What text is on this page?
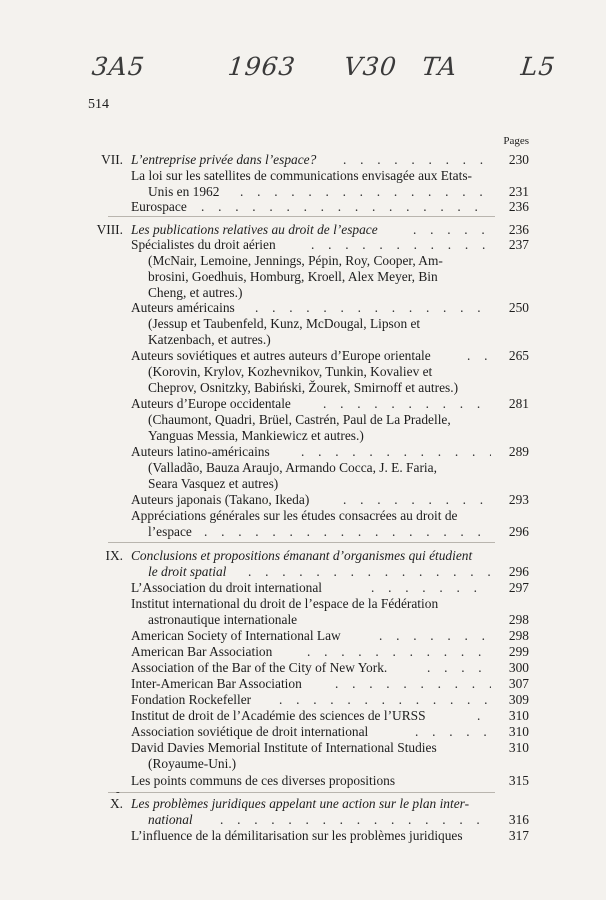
3A5	1963 V30 TA L5
514
Pages
VII. L’entreprise privée dans l’espace? . . .	230
La loi sur les satellites de communications envisagée aux Etats-
Unis en 1962 . . .	231
Eurospace . . .	236
VIII. Les publications relatives au droit de l’espace . . .	236
Spécialistes du droit aérien . . .	237
(McNair, Lemoine, Jennings, Pépin, Roy, Cooper, Am-
brosini, Goedhuis, Homburg, Kroell, Alex Meyer, Bin
Cheng, et autres.)
Auteurs américains . . .	250
(Jessup et Taubenfeld, Kunz, McDougal, Lipson et
Katzenbach, et autres.)
Auteurs soviétiques et autres auteurs d’Europe orientale . . .	265
(Korovin, Krylov, Kozhevnikov, Tunkin, Kovaliev et
Cheprov, Osnitzky, Babiński, Žourek, Smirnoff et autres.)
Auteurs d’Europe occidentale . . .	281
(Chaumont, Quadri, Brüel, Castrén, Paul de La Pradelle,
Yanguas Messia, Mankiewicz et autres.)
Auteurs latino-américains . . .	289
(Valladão, Bauza Araujo, Armando Cocca, J. E. Faria,
Seara Vasquez et autres)
Auteurs japonais (Takano, Ikeda) . . .	293
Appréciations générales sur les études consacrées au droit de
l’espace . . .	296
IX. Conclusions et propositions émanant d’organismes qui étudient
le droit spatial . . .	296
L’Association du droit international . . .	297
Institut international du droit de l’espace de la Fédération
astronautique internationale	298
American Society of International Law . . .	298
American Bar Association . . .	299
Association of the Bar of the City of New York. . . .	300
Inter-American Bar Association . . .	307
Fondation Rockefeller . . .	309
Institut de droit de l’Académie des sciences de l’URSS . . .	310
Association soviétique de droit international . . .	310
David Davies Memorial Institute of International Studies	310
(Royaume-Uni.)
Les points communs de ces diverses propositions	315
X. Les problèmes juridiques appelant une action sur le plan inter-
national . . .	316
L’influence de la démilitarisation sur les problèmes juridiques	317
-
